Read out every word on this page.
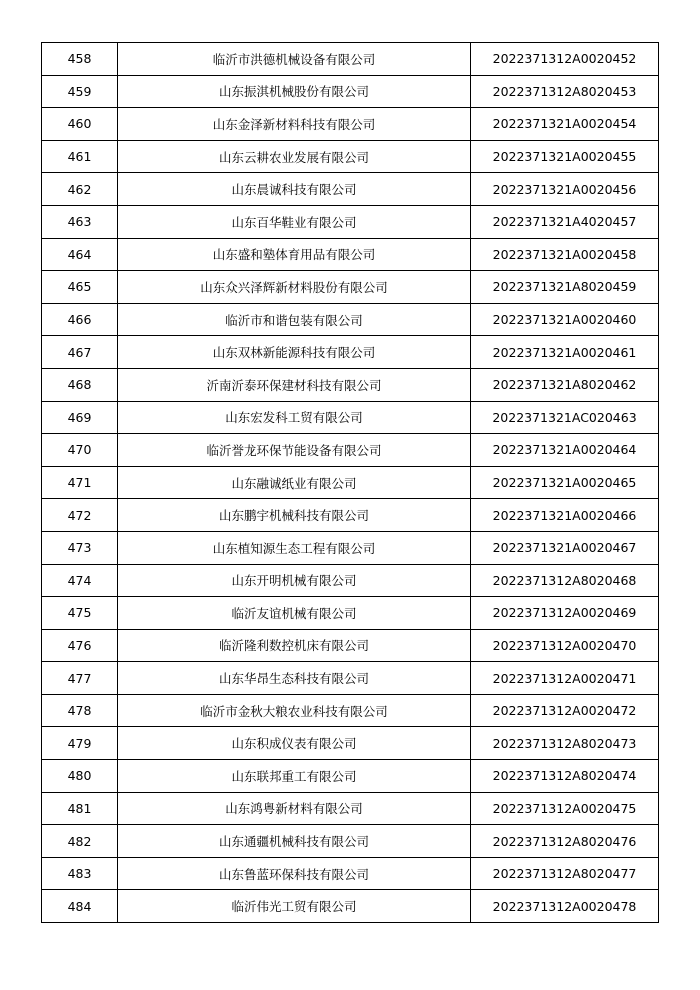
458	临沂市洪德机械设备有限公司	2022371312A0020452
459	山东振淇机械股份有限公司	2022371312A8020453
460	山东金泽新材料科技有限公司	2022371321A0020454
461	山东云耕农业发展有限公司	2022371321A0020455
462	山东晨诚科技有限公司	2022371321A0020456
463	山东百华鞋业有限公司	2022371321A4020457
464	山东盛和塾体育用品有限公司	2022371321A0020458
465	山东众兴泽辉新材料股份有限公司	2022371321A8020459
466	临沂市和谐包装有限公司	2022371321A0020460
467	山东双林新能源科技有限公司	2022371321A0020461
468	沂南沂泰环保建材科技有限公司	2022371321A8020462
469	山东宏发科工贸有限公司	2022371321AC020463
470	临沂誉龙环保节能设备有限公司	2022371321A0020464
471	山东融诚纸业有限公司	2022371321A0020465
472	山东鹏宇机械科技有限公司	2022371321A0020466
473	山东植知源生态工程有限公司	2022371321A0020467
474	山东开明机械有限公司	2022371312A8020468
475	临沂友谊机械有限公司	2022371312A0020469
476	临沂隆利数控机床有限公司	2022371312A0020470
477	山东华昂生态科技有限公司	2022371312A0020471
478	临沂市金秋大粮农业科技有限公司	2022371312A0020472
479	山东积成仪表有限公司	2022371312A8020473
480	山东联邦重工有限公司	2022371312A8020474
481	山东鸿粤新材料有限公司	2022371312A0020475
482	山东通疆机械科技有限公司	2022371312A8020476
483	山东鲁蓝环保科技有限公司	2022371312A8020477
484	临沂伟光工贸有限公司	2022371312A0020478
